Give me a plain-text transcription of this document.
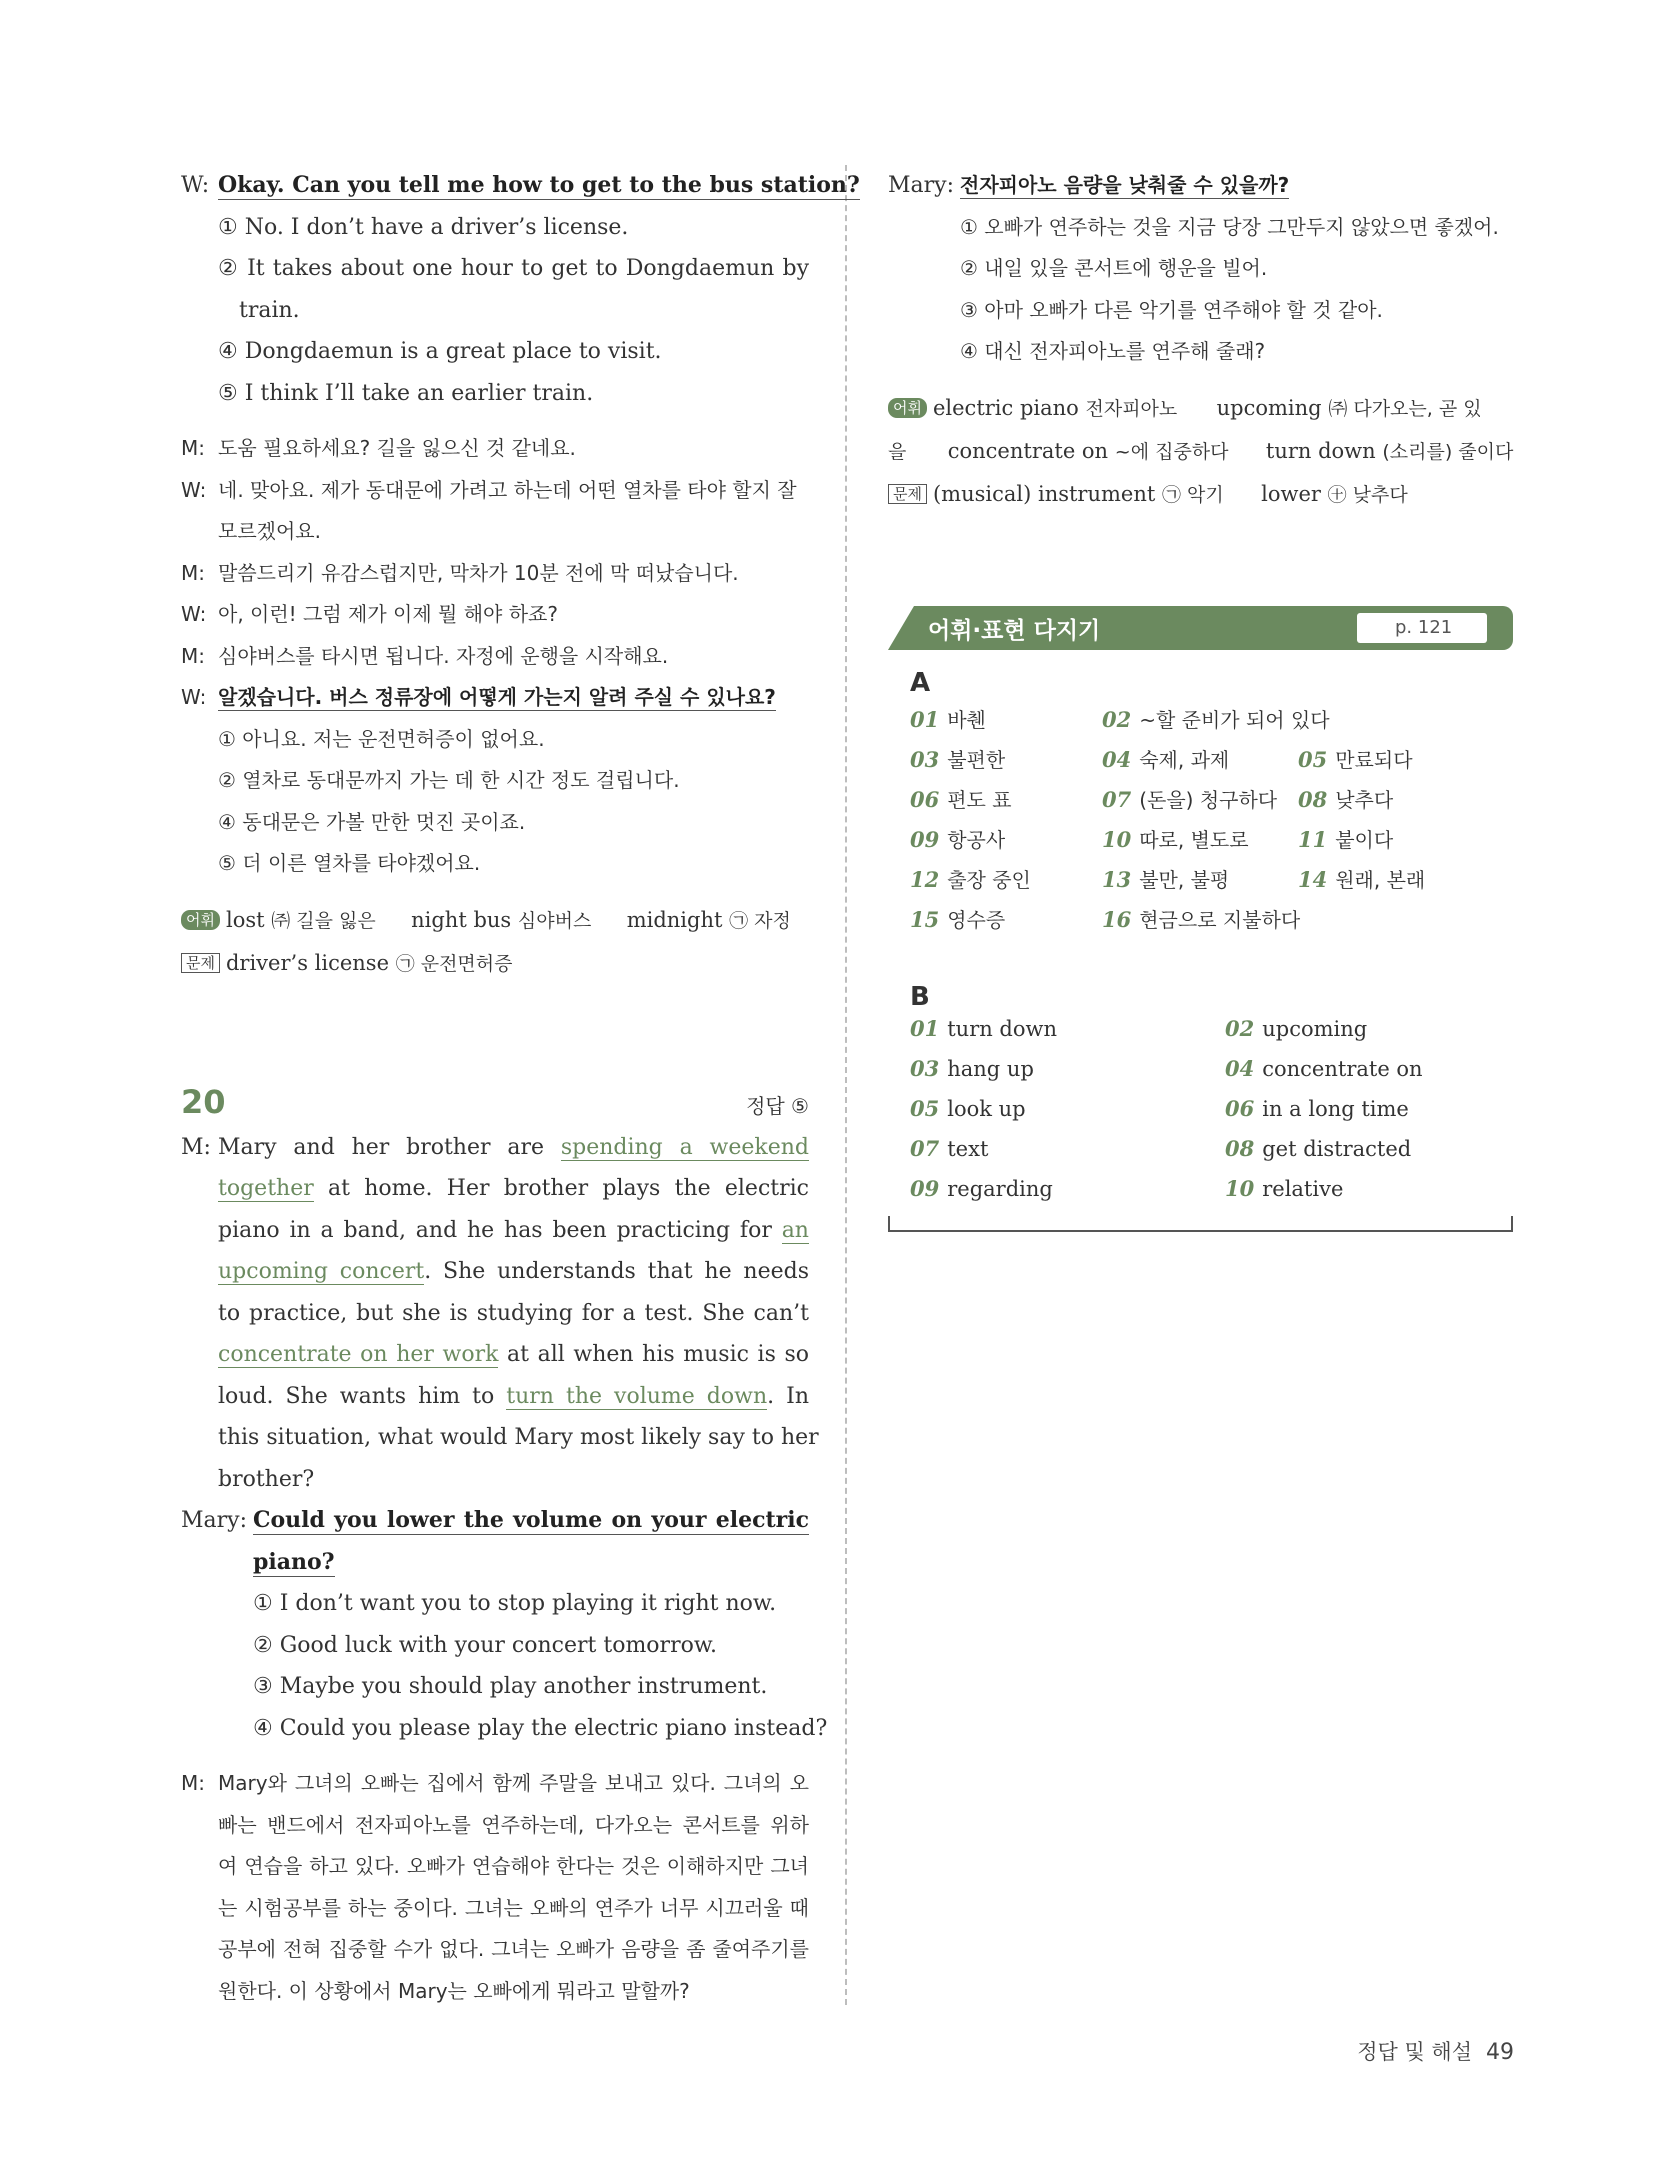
W: Okay. Can you tell me how to get to the bus station?
① No. I don’t have a driver’s license.
② It takes about one hour to get to Dongdaemun by
train.
④ Dongdaemun is a great place to visit.
⑤ I think I’ll take an earlier train.
M: 도움 필요하세요? 길을 잃으신 것 같네요.
W: 네. 맞아요. 제가 동대문에 가려고 하는데 어떤 열차를 타야 할지 잘
모르겠어요.
M: 말씀드리기 유감스럽지만, 막차가 10분 전에 막 떠났습니다.
W: 아, 이런! 그럼 제가 이제 뭘 해야 하죠?
M: 심야버스를 타시면 됩니다. 자정에 운행을 시작해요.
W: 알겠습니다. 버스 정류장에 어떻게 가는지 알려 주실 수 있나요?
① 아니요. 저는 운전면허증이 없어요.
② 열차로 동대문까지 가는 데 한 시간 정도 걸립니다.
④ 동대문은 가볼 만한 멋진 곳이죠.
⑤ 더 이른 열차를 타야겠어요.
어휘 lost ㈜ 길을 잃은 night bus 심야버스 midnight ㉠ 자정
문제 driver’s license ㉠ 운전면허증
20	정답 ⑤
M: Mary and her brother are spending a weekend
together at home. Her brother plays the electric
piano in a band, and he has been practicing for an
upcoming concert. She understands that he needs
to practice, but she is studying for a test. She can’t
concentrate on her work at all when his music is so
loud. She wants him to turn the volume down. In
this situation, what would Mary most likely say to her
brother?
Mary: Could you lower the volume on your electric
piano?
① I don’t want you to stop playing it right now.
② Good luck with your concert tomorrow.
③ Maybe you should play another instrument.
④ Could you please play the electric piano instead?
M: Mary와 그녀의 오빠는 집에서 함께 주말을 보내고 있다. 그녀의 오
빠는 밴드에서 전자피아노를 연주하는데, 다가오는 콘서트를 위하
여 연습을 하고 있다. 오빠가 연습해야 한다는 것은 이해하지만 그녀
는 시험공부를 하는 중이다. 그녀는 오빠의 연주가 너무 시끄러울 때
공부에 전혀 집중할 수가 없다. 그녀는 오빠가 음량을 좀 줄여주기를
원한다. 이 상황에서 Mary는 오빠에게 뭐라고 말할까?
Mary: 전자피아노 음량을 낮춰줄 수 있을까?
① 오빠가 연주하는 것을 지금 당장 그만두지 않았으면 좋겠어.
② 내일 있을 콘서트에 행운을 빌어.
③ 아마 오빠가 다른 악기를 연주해야 할 것 같아.
④ 대신 전자피아노를 연주해 줄래?
어휘 electric piano 전자피아노 upcoming ㈜ 다가오는, 곧 있
을 concentrate on ~에 집중하다 turn down (소리를) 줄이다
문제 (musical) instrument ㉠ 악기 lower ㊉ 낮추다
어휘·표현 다지기	p. 121
A
01 바췐	02 ~할 준비가 되어 있다
03 불편한	04 숙제, 과제	05 만료되다
06 편도 표	07 (돈을) 청구하다 08 낮추다
09 항공사	10 따로, 별도로 11 붙이다
12 출장 중인	13 불만, 불평	14 원래, 본래
15 영수증	16 현금으로 지불하다
B
01 turn down	02 upcoming
03 hang up	04 concentrate on
05 look up	06 in a long time
07 text	08 get distracted
09 regarding	10 relative
정답 및 해설 49
